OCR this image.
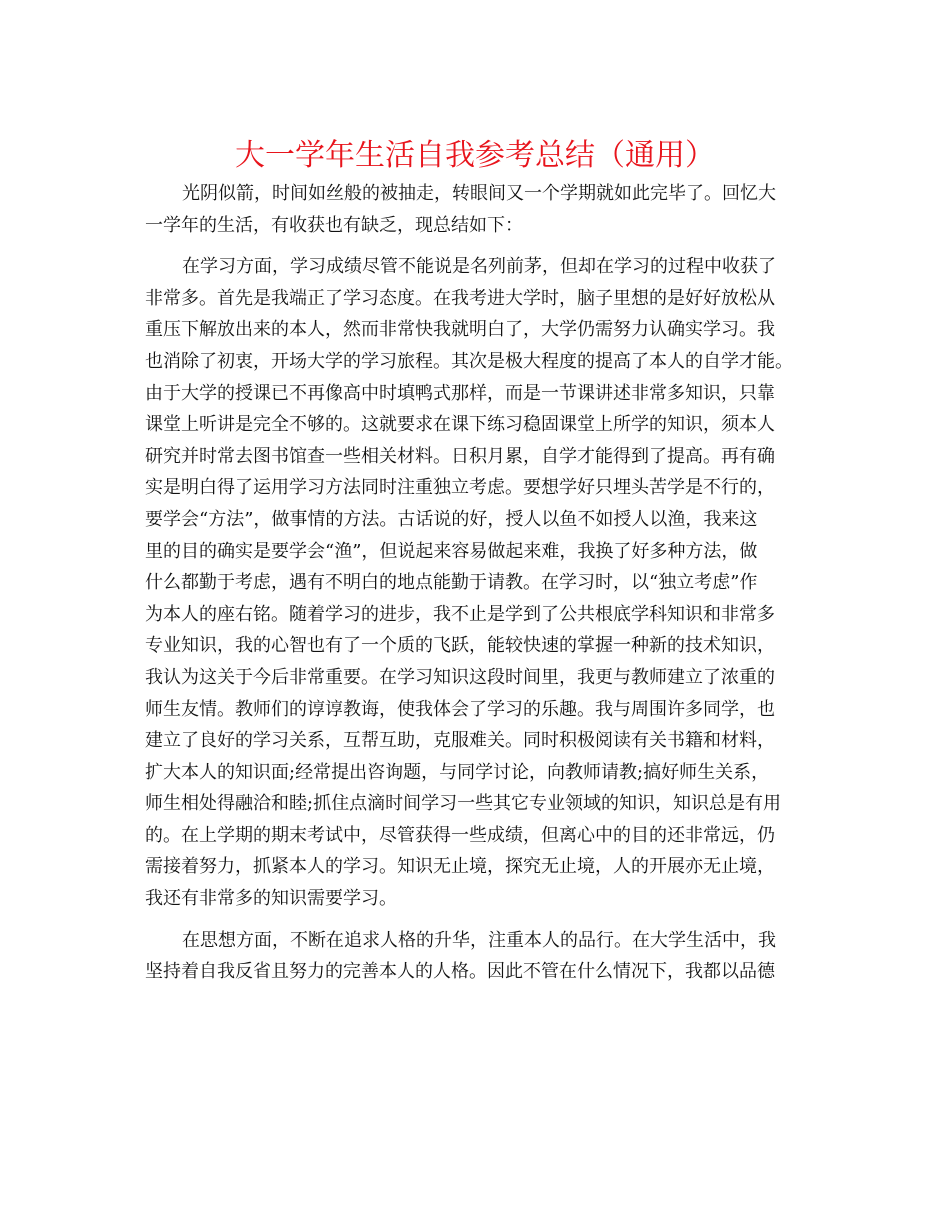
大一学年生活自我参考总结（通用）
光阴似箭，时间如丝般的被抽走，转眼间又一个学期就如此完毕了。回忆大
一学年的生活，有收获也有缺乏，现总结如下：
在学习方面，学习成绩尽管不能说是名列前茅，但却在学习的过程中收获了
非常多。首先是我端正了学习态度。在我考进大学时，脑子里想的是好好放松从
重压下解放出来的本人，然而非常快我就明白了，大学仍需努力认确实学习。我
也消除了初衷，开场大学的学习旅程。其次是极大程度的提高了本人的自学才能。
由于大学的授课已不再像高中时填鸭式那样，而是一节课讲述非常多知识，只靠
课堂上听讲是完全不够的。这就要求在课下练习稳固课堂上所学的知识，须本人
研究并时常去图书馆查一些相关材料。日积月累，自学才能得到了提高。再有确
实是明白得了运用学习方法同时注重独立考虑。要想学好只埋头苦学是不行的，
要学会“方法”，做事情的方法。古话说的好，授人以鱼不如授人以渔，我来这
里的目的确实是要学会“渔”，但说起来容易做起来难，我换了好多种方法，做
什么都勤于考虑，遇有不明白的地点能勤于请教。在学习时，以“独立考虑”作
为本人的座右铭。随着学习的进步，我不止是学到了公共根底学科知识和非常多
专业知识，我的心智也有了一个质的飞跃，能较快速的掌握一种新的技术知识，
我认为这关于今后非常重要。在学习知识这段时间里，我更与教师建立了浓重的
师生友情。教师们的谆谆教诲，使我体会了学习的乐趣。我与周围许多同学，也
建立了良好的学习关系，互帮互助，克服难关。同时积极阅读有关书籍和材料，
扩大本人的知识面;经常提出咨询题，与同学讨论，向教师请教;搞好师生关系，
师生相处得融洽和睦;抓住点滴时间学习一些其它专业领域的知识，知识总是有用
的。在上学期的期末考试中，尽管获得一些成绩，但离心中的目的还非常远，仍
需接着努力，抓紧本人的学习。知识无止境，探究无止境，人的开展亦无止境，
我还有非常多的知识需要学习。
在思想方面，不断在追求人格的升华，注重本人的品行。在大学生活中，我
坚持着自我反省且努力的完善本人的人格。因此不管在什么情况下，我都以品德
